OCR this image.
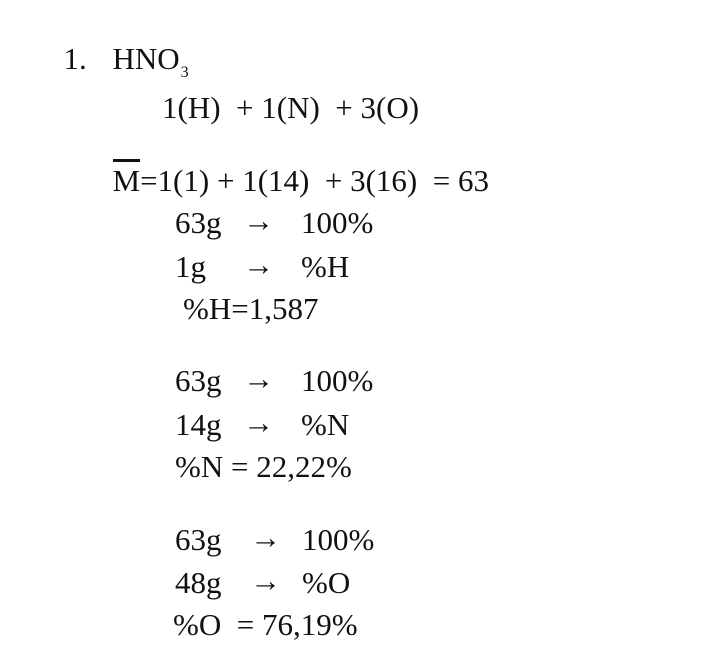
1. $HNO_3$

1(H)  + 1(N)  + 3(O)

M=1(1) + 1(14)  + 3(16)  = 63

63g → 100%
1g → %H
%H=1,587
63g → 100%
14g → %N
%N = 22,22%
63g → 100%
48g → %O
%O  = 76,19%
